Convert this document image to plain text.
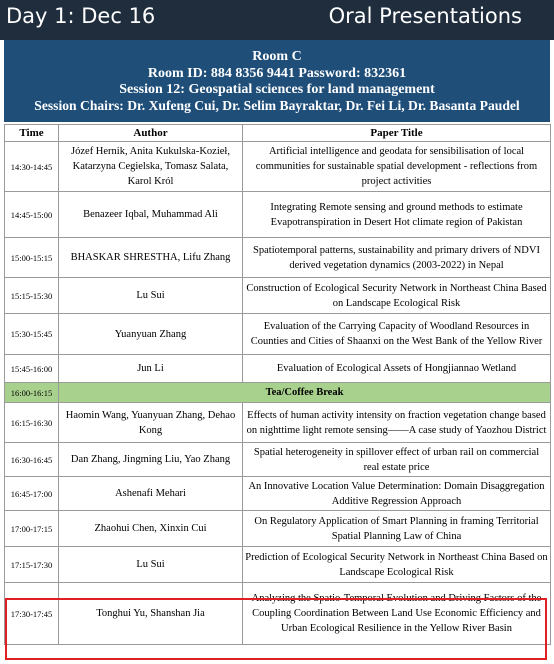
Day 1: Dec 16	Oral Presentations
Room C
Room ID: 884 8356 9441 Password: 832361
Session 12: Geospatial sciences for land management
Session Chairs: Dr. Xufeng Cui, Dr. Selim Bayraktar, Dr. Fei Li, Dr. Basanta Paudel
Time	Author	Paper Title
14:30-14:45	Józef Hernik, Anita Kukulska-Kozieł, Katarzyna Cegielska, Tomasz Salata, Karol Król	Artificial intelligence and geodata for sensibilisation of local communities for sustainable spatial development - reflections from project activities
14:45-15:00	Benazeer Iqbal, Muhammad Ali	Integrating Remote sensing and ground methods to estimate Evapotranspiration in Desert Hot climate region of Pakistan
15:00-15:15	BHASKAR SHRESTHA, Lifu Zhang	Spatiotemporal patterns, sustainability and primary drivers of NDVI derived vegetation dynamics (2003-2022) in Nepal
15:15-15:30	Lu Sui	Construction of Ecological Security Network in Northeast China Based on Landscape Ecological Risk
15:30-15:45	Yuanyuan Zhang	Evaluation of the Carrying Capacity of Woodland Resources in Counties and Cities of Shaanxi on the West Bank of the Yellow River
15:45-16:00	Jun Li	Evaluation of Ecological Assets of Hongjiannao Wetland
16:00-16:15	Tea/Coffee Break	
16:15-16:30	Haomin Wang, Yuanyuan Zhang, Dehao Kong	Effects of human activity intensity on fraction vegetation change based on nighttime light remote sensing——A case study of Yaozhou District
16:30-16:45	Dan Zhang, Jingming Liu, Yao Zhang	Spatial heterogeneity in spillover effect of urban rail on commercial real estate price
16:45-17:00	Ashenafi Mehari	An Innovative Location Value Determination: Domain Disaggregation Additive Regression Approach
17:00-17:15	Zhaohui Chen, Xinxin Cui	On Regulatory Application of Smart Planning in framing Territorial Spatial Planning Law of China
17:15-17:30	Lu Sui	Prediction of Ecological Security Network in Northeast China Based on Landscape Ecological Risk
17:30-17:45	Tonghui Yu, Shanshan Jia	Analyzing the Spatio-Temporal Evolution and Driving Factors of the Coupling Coordination Between Land Use Economic Efficiency and Urban Ecological Resilience in the Yellow River Basin
